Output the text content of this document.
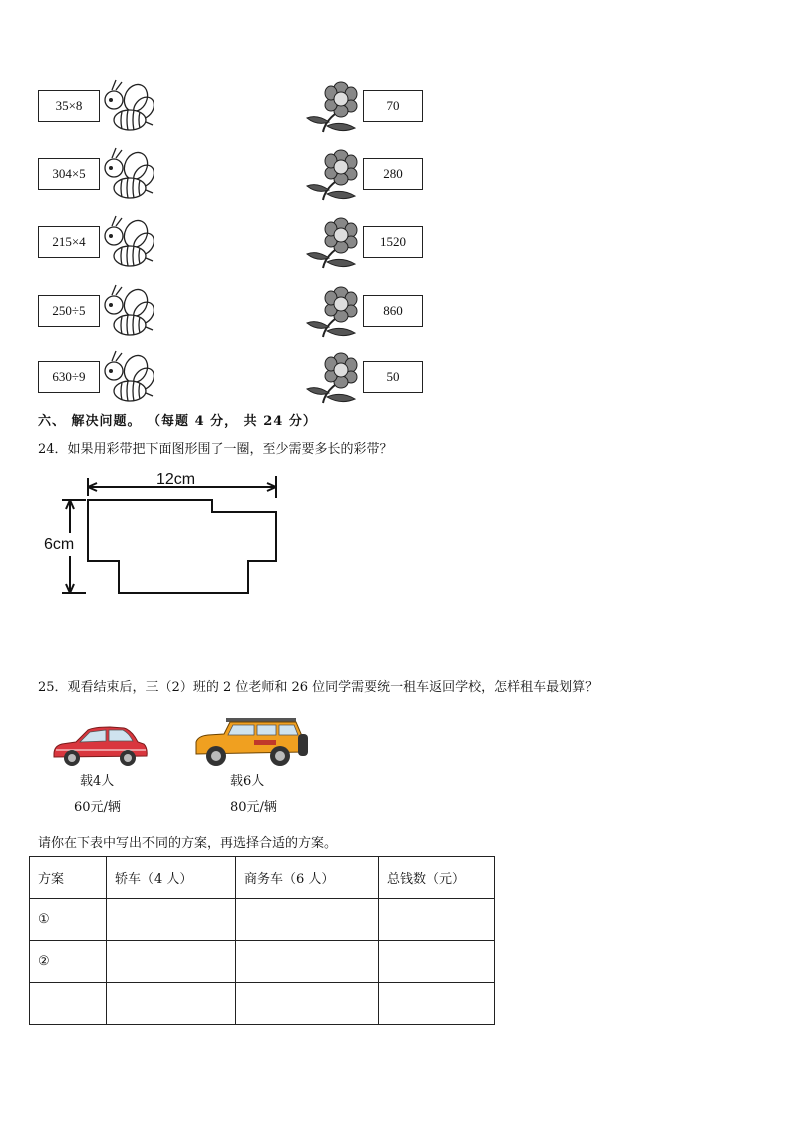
35×8
304×5
215×4
250÷5
630÷9
70
280
1520
860
50
六、 解决问题。 （每题 4 分， 共 24 分）
24．如果用彩带把下面图形围了一圈，至少需要多长的彩带？
12cm
6cm
25．观看结束后，三（2）班的 2 位老师和 26 位同学需要统一租车返回学校，怎样租车最划算？
载4人
60元/辆
载6人
80元/辆
请你在下表中写出不同的方案，再选择合适的方案。
方案	轿车（4 人）	商务车（6 人）	总钱数（元）
①			
②			
